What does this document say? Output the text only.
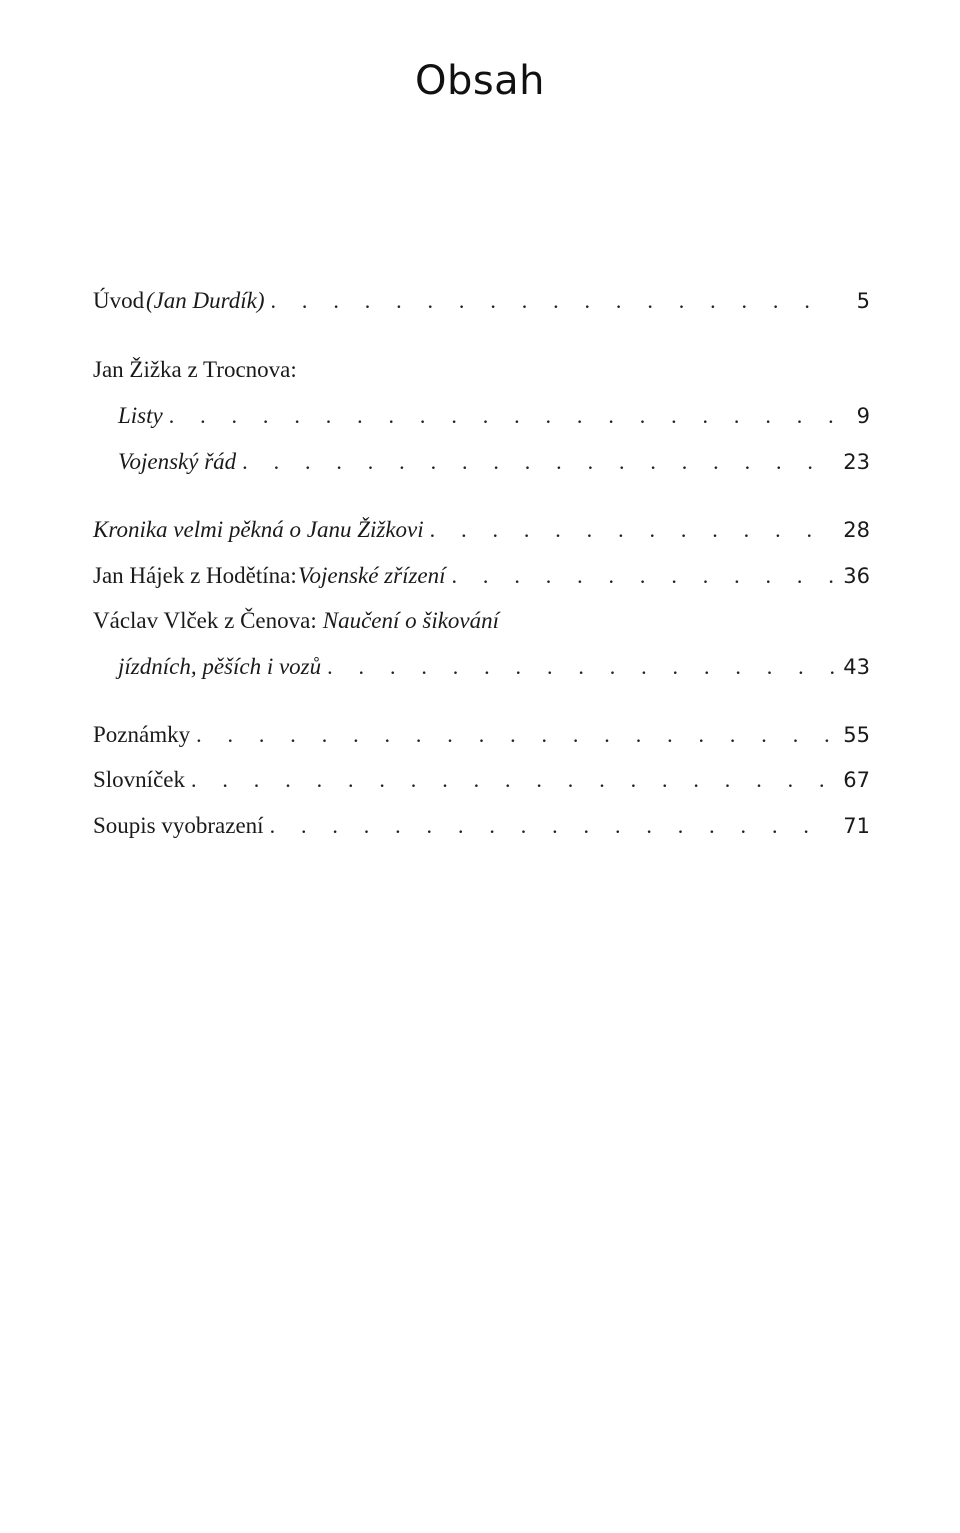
Obsah
Úvod (Jan Durdík) . . .	5
Jan Žižka z Trocnova:
Listy . . .	9
Vojenský řád . . .	23
Kronika velmi pěkná o Janu Žižkovi . . .	28
Jan Hájek z Hodětína: Vojenské zřízení . . .	36
Václav Vlček z Čenova: Naučení o šikování
jízdních, pěších i vozů . . .	43
Poznámky . . .	55
Slovníček . . .	67
Soupis vyobrazení . . .	71
